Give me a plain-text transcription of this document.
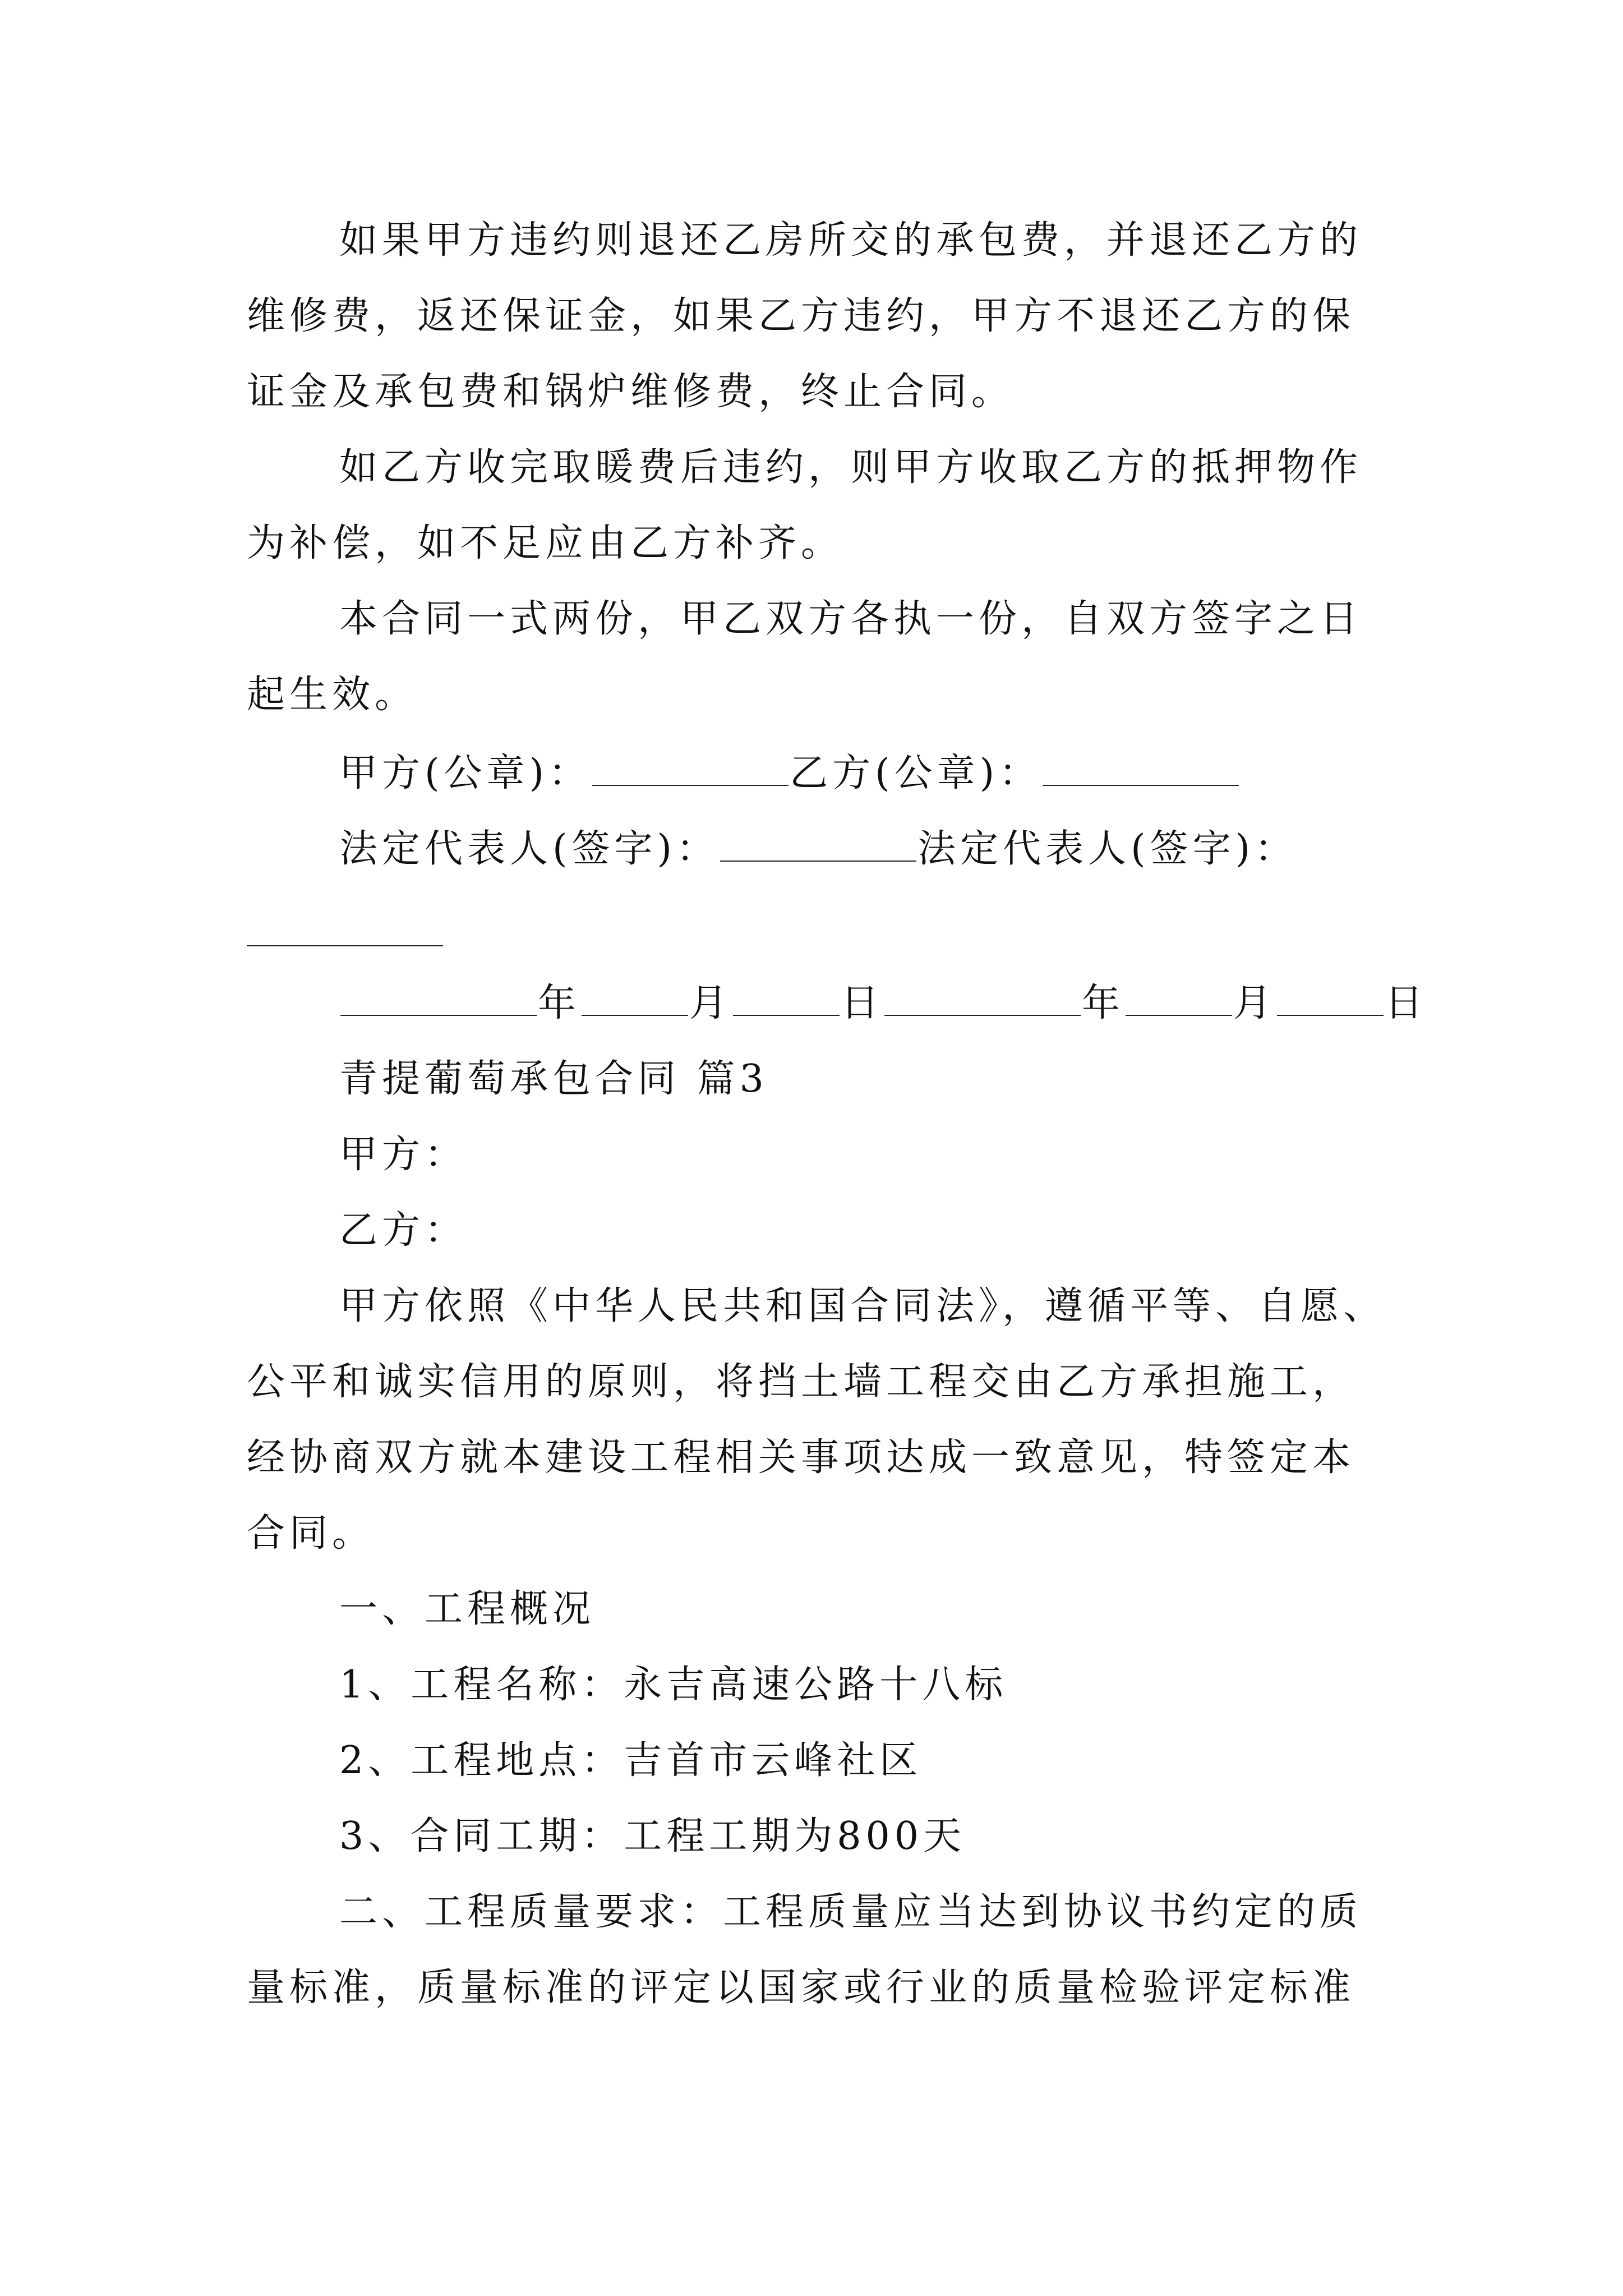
如果甲方违约则退还乙房所交的承包费，并退还乙方的
维修费，返还保证金，如果乙方违约，甲方不退还乙方的保
证金及承包费和锅炉维修费，终止合同。
如乙方收完取暖费后违约，则甲方收取乙方的抵押物作
为补偿，如不足应由乙方补齐。
本合同一式两份，甲乙双方各执一份，自双方签字之日
起生效。
甲方(公章)：	乙方(公章)：
法定代表人(签字)：	法定代表人(签字)：
年	月	日	年	月	日
青提葡萄承包合同 篇3
甲方：
乙方：
甲方依照《中华人民共和国合同法》，遵循平等、自愿、
公平和诚实信用的原则，将挡土墙工程交由乙方承担施工，
经协商双方就本建设工程相关事项达成一致意见，特签定本
合同。
一、工程概况
1、工程名称：永吉高速公路十八标
2、工程地点：吉首市云峰社区
3、合同工期：工程工期为800天
二、工程质量要求：工程质量应当达到协议书约定的质
量标准，质量标准的评定以国家或行业的质量检验评定标准
